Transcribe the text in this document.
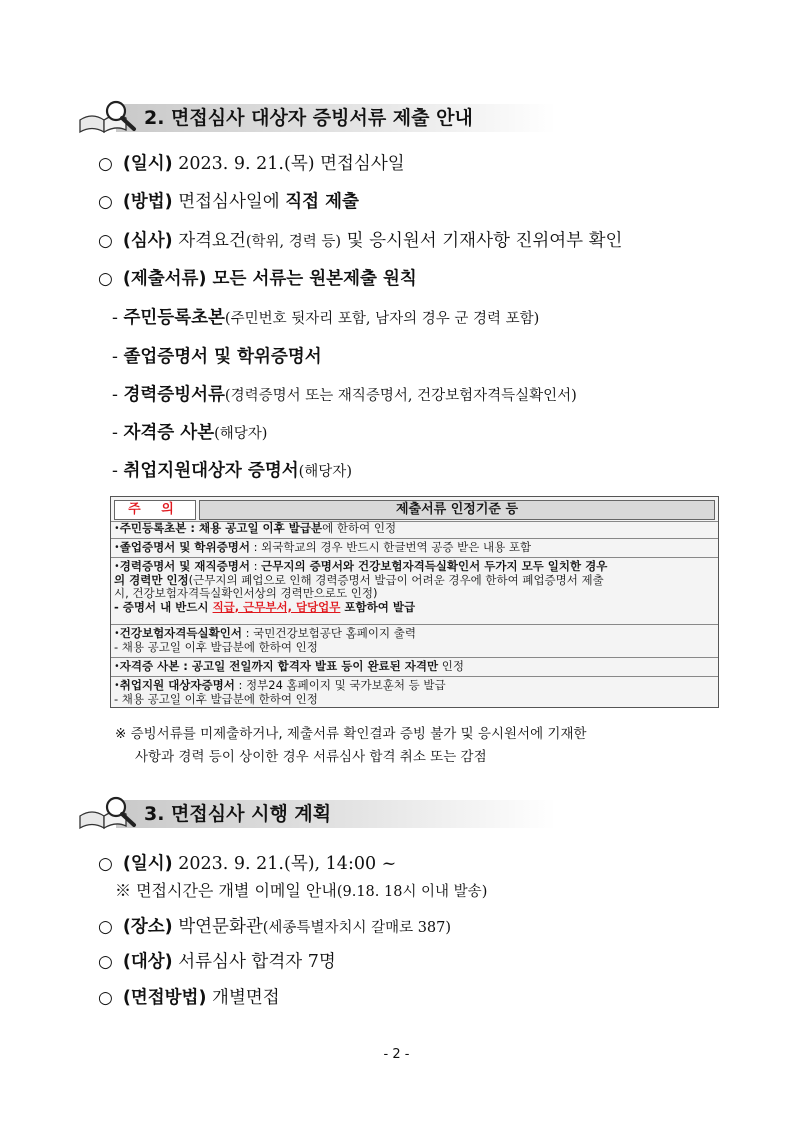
2. 면접심사 대상자 증빙서류 제출 안내
○ (일시) 2023. 9. 21.(목) 면접심사일
○ (방법) 면접심사일에 직접 제출
○ (심사) 자격요건(학위, 경력 등) 및 응시원서 기재사항 진위여부 확인
○ (제출서류) 모든 서류는 원본제출 원칙
- 주민등록초본(주민번호 뒷자리 포함, 남자의 경우 군 경력 포함)
- 졸업증명서 및 학위증명서
- 경력증빙서류(경력증명서 또는 재직증명서, 건강보험자격득실확인서)
- 자격증 사본(해당자)
- 취업지원대상자 증명서(해당자)
주 의	제출서류 인정기준 등

･주민등록초본 : 채용 공고일 이후 발급분에 한하여 인정

･졸업증명서 및 학위증명서 : 외국학교의 경우 반드시 한글번역 공증 받은 내용 포함

･경력증명서 및 재직증명서 : 근무지의 증명서와 건강보험자격득실확인서 두가지 모두 일치한 경우

의 경력만 인정(근무지의 폐업으로 인해 경력증명서 발급이 어려운 경우에 한하여 폐업증명서 제출

시, 건강보험자격득실확인서상의 경력만으로도 인정)

- 증명서 내 반드시 직급, 근무부서, 담당업무 포함하여 발급

･건강보험자격득실확인서 : 국민건강보험공단 홈페이지 출력

- 채용 공고일 이후 발급분에 한하여 인정

･자격증 사본 : 공고일 전일까지 합격자 발표 등이 완료된 자격만 인정

･취업지원 대상자증명서 : 정부24 홈페이지 및 국가보훈처 등 발급

- 채용 공고일 이후 발급분에 한하여 인정

※ 증빙서류를 미제출하거나, 제출서류 확인결과 증빙 불가 및 응시원서에 기재한
사항과 경력 등이 상이한 경우 서류심사 합격 취소 또는 감점
3. 면접심사 시행 계획
○ (일시) 2023. 9. 21.(목), 14:00 ~
※ 면접시간은 개별 이메일 안내(9.18. 18시 이내 발송)
○ (장소) 박연문화관(세종특별자치시 갈매로 387)
○ (대상) 서류심사 합격자 7명
○ (면접방법) 개별면접
- 2 -
